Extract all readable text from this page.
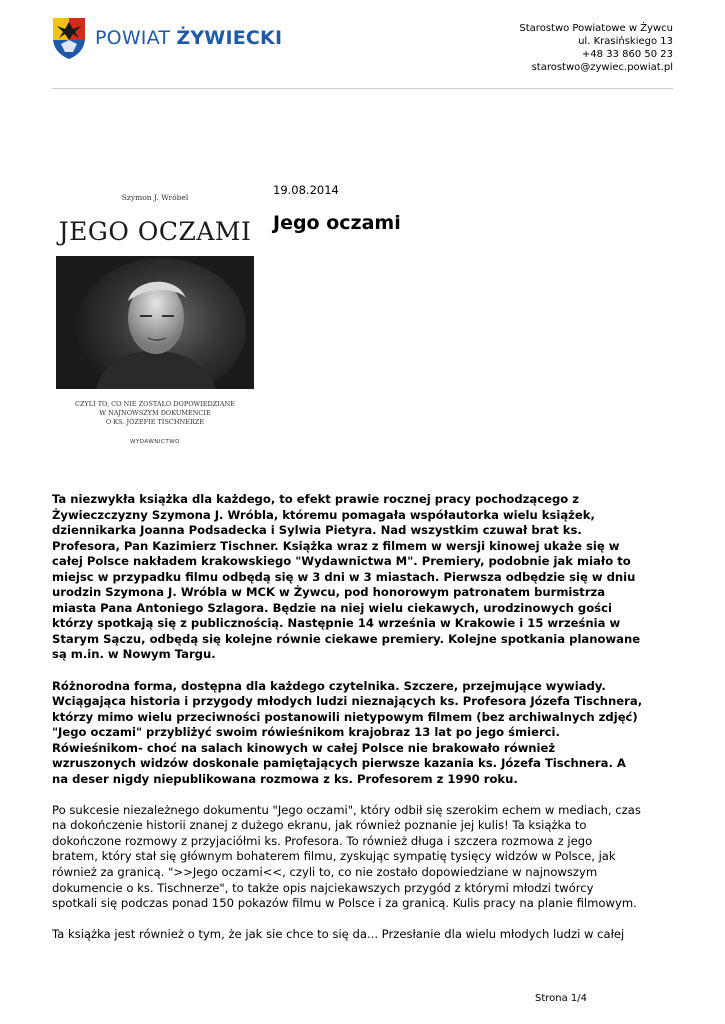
POWIAT ŻYWIECKI	Starostwo Powiatowe w Żywcu
ul. Krasińskiego 13
+48 33 860 50 23
starostwo@zywiec.powiat.pl
Szymon J. Wróbel
JEGO OCZAMI
CZYLI TO, CO NIE ZOSTAŁO DOPOWIEDZIANE
W NAJNOWSZYM DOKUMENCIE
O KS. JÓZEFIE TISCHNERZE
WYDAWNICTWO
19.08.2014
Jego oczami

Ta niezwykła książka dla każdego, to efekt prawie rocznej pracy pochodzącego z
Żywieczczyzny Szymona J. Wróbla, któremu pomagała współautorka wielu książek,
dziennikarka Joanna Podsadecka i Sylwia Pietyra. Nad wszystkim czuwał brat ks.
Profesora, Pan Kazimierz Tischner. Książka wraz z filmem w wersji kinowej ukaże się w
całej Polsce nakładem krakowskiego "Wydawnictwa M". Premiery, podobnie jak miało to
miejsc w przypadku filmu odbędą się w 3 dni w 3 miastach. Pierwsza odbędzie się w dniu
urodzin Szymona J. Wróbla w MCK w Żywcu, pod honorowym patronatem burmistrza
miasta Pana Antoniego Szlagora. Będzie na niej wielu ciekawych, urodzinowych gości
którzy spotkają się z publicznością. Następnie 14 września w Krakowie i 15 września w
Starym Sączu, odbędą się kolejne równie ciekawe premiery. Kolejne spotkania planowane
są m.in. w Nowym Targu.

Różnorodna forma, dostępna dla każdego czytelnika. Szczere, przejmujące wywiady.
Wciągająca historia i przygody młodych ludzi nieznających ks. Profesora Józefa Tischnera,
którzy mimo wielu przeciwności postanowili nietypowym filmem (bez archiwalnych zdjęć)
"Jego oczami" przybliżyć swoim rówieśnikom krajobraz 13 lat po jego śmierci.
Rówieśnikom- choć na salach kinowych w całej Polsce nie brakowało również
wzruszonych widzów doskonale pamiętających pierwsze kazania ks. Józefa Tischnera. A
na deser nigdy niepublikowana rozmowa z ks. Profesorem z 1990 roku.

Po sukcesie niezależnego dokumentu "Jego oczami", który odbił się szerokim echem w mediach, czas
na dokończenie historii znanej z dużego ekranu, jak również poznanie jej kulis! Ta książka to
dokończone rozmowy z przyjaciółmi ks. Profesora. To również długa i szczera rozmowa z jego
bratem, który stał się głównym bohaterem filmu, zyskując sympatię tysięcy widzów w Polsce, jak
również za granicą. ">>Jego oczami<<, czyli to, co nie zostało dopowiedziane w najnowszym
dokumencie o ks. Tischnerze", to także opis najciekawszych przygód z którymi młodzi twórcy
spotkali się podczas ponad 150 pokazów filmu w Polsce i za granicą. Kulis pracy na planie filmowym.

Ta książka jest również o tym, że jak sie chce to się da... Przesłanie dla wielu młodych ludzi w całej

Strona 1/4
